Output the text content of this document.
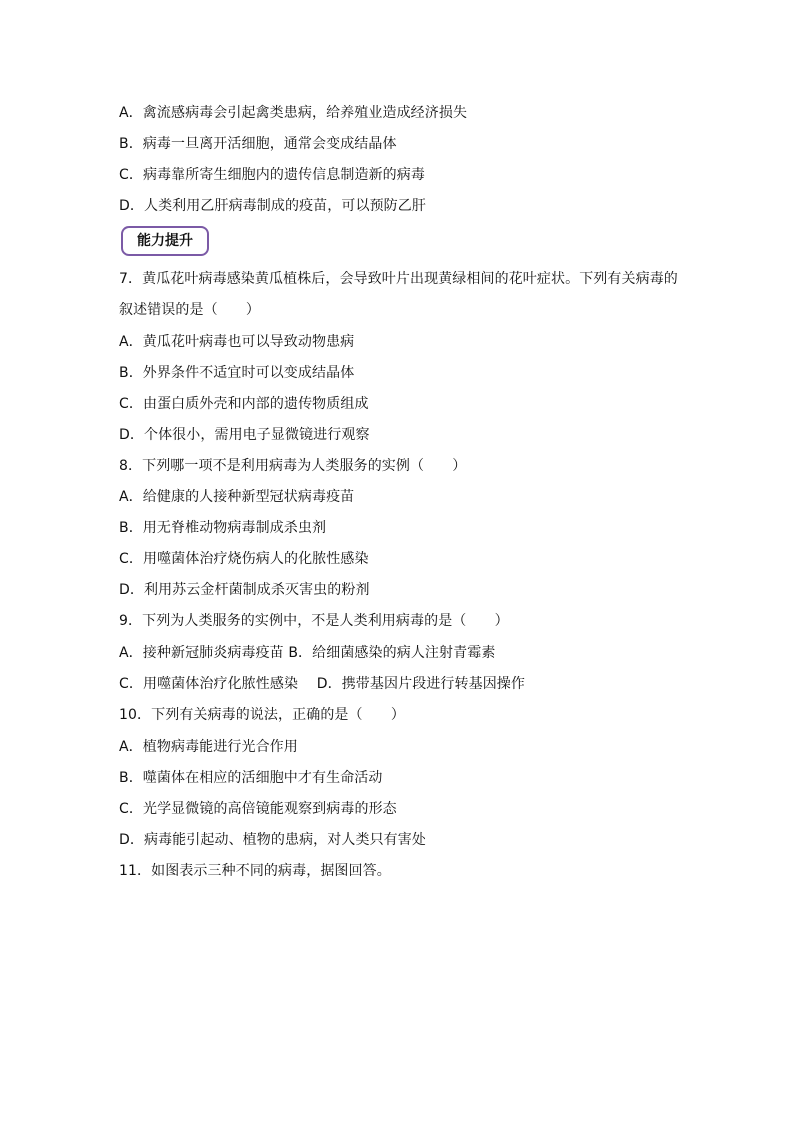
A．禽流感病毒会引起禽类患病，给养殖业造成经济损失
B．病毒一旦离开活细胞，通常会变成结晶体
C．病毒靠所寄生细胞内的遗传信息制造新的病毒
D．人类利用乙肝病毒制成的疫苗，可以预防乙肝
能力提升
7．黄瓜花叶病毒感染黄瓜植株后，会导致叶片出现黄绿相间的花叶症状。下列有关病毒的
叙述错误的是（　　）
A．黄瓜花叶病毒也可以导致动物患病
B．外界条件不适宜时可以变成结晶体
C．由蛋白质外壳和内部的遗传物质组成
D．个体很小，需用电子显微镜进行观察
8．下列哪一项不是利用病毒为人类服务的实例（　　）
A．给健康的人接种新型冠状病毒疫苗
B．用无脊椎动物病毒制成杀虫剂
C．用噬菌体治疗烧伤病人的化脓性感染
D．利用苏云金杆菌制成杀灭害虫的粉剂
9．下列为人类服务的实例中，不是人类利用病毒的是（　　）
A．接种新冠肺炎病毒疫苗 B．给细菌感染的病人注射青霉素
C．用噬菌体治疗化脓性感染　 D．携带基因片段进行转基因操作
10．下列有关病毒的说法，正确的是（　　）
A．植物病毒能进行光合作用
B．噬菌体在相应的活细胞中才有生命活动
C．光学显微镜的高倍镜能观察到病毒的形态
D．病毒能引起动、植物的患病，对人类只有害处
11．如图表示三种不同的病毒，据图回答。
